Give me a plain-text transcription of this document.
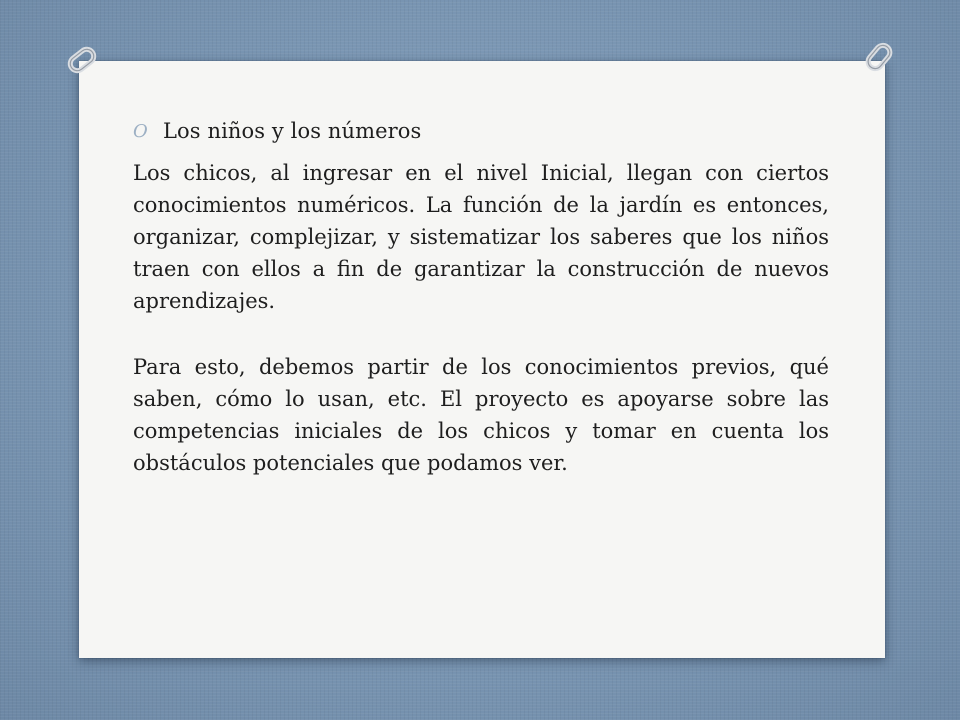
O Los niños y los números

Los chicos, al ingresar en el nivel Inicial, llegan con ciertos conocimientos numéricos. La función de la jardín es entonces, organizar, complejizar, y sistematizar los saberes que los niños traen con ellos a fin de garantizar la construcción de nuevos aprendizajes.

Para esto, debemos partir de los conocimientos previos, qué saben, cómo lo usan, etc. El proyecto es apoyarse sobre las competencias iniciales de los chicos y tomar en cuenta los obstáculos potenciales que podamos ver.
